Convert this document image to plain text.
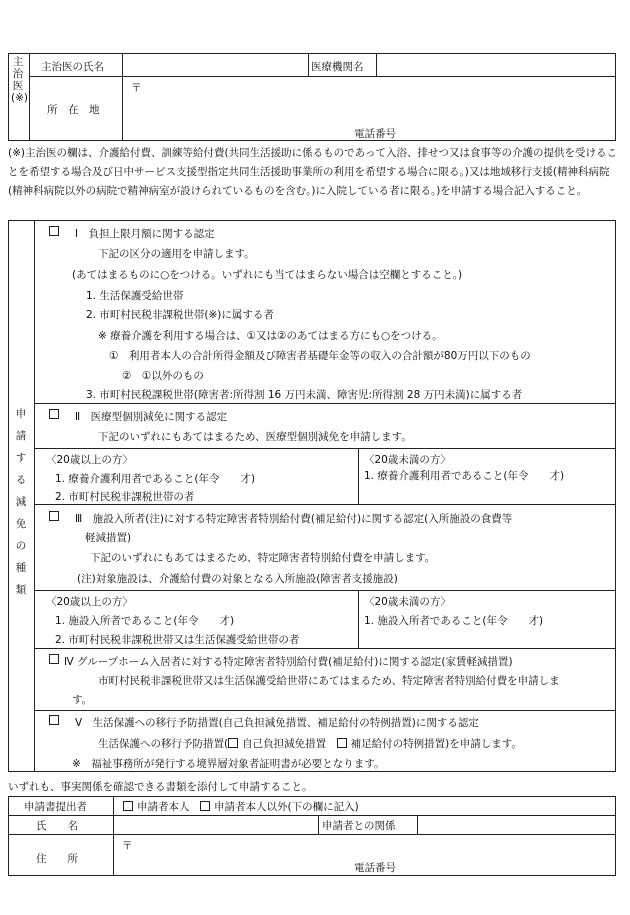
主治医(※)
主治医の氏名	医療機関名
所　在　地
〒
電話番号
(※)主治医の欄は、介護給付費、訓練等給付費(共同生活援助に係るものであって入浴、排せつ又は食事等の介護の提供を受けることを希望する場合及び日中サービス支援型指定共同生活援助事業所の利用を希望する場合に限る。)又は地域移行支援(精神科病院(精神科病院以外の病院で精神病室が設けられているものを含む。)に入院している者に限る。)を申請する場合記入すること。
申請する減免の種類
Ⅰ　負担上限月額に関する認定
下記の区分の適用を申請します。
(あてはまるものに○をつける。いずれにも当てはまらない場合は空欄とすること。)
1. 生活保護受給世帯
2. 市町村民税非課税世帯(※)に属する者
※ 療養介護を利用する場合は、①又は②のあてはまる方にも○をつける。
①　利用者本人の合計所得金額及び障害者基礎年金等の収入の合計額が80万円以下のもの
②　①以外のもの
3. 市町村民税課税世帯(障害者:所得割 16 万円未満、障害児:所得割 28 万円未満)に属する者
Ⅱ　医療型個別減免に関する認定
下記のいずれにもあてはまるため、医療型個別減免を申請します。
〈20歳以上の方〉
1. 療養介護利用者であること(年令　　才)
2. 市町村民税非課税世帯の者
〈20歳未満の方〉
1. 療養介護利用者であること(年令　　才)
Ⅲ　施設入所者(注)に対する特定障害者特別給付費(補足給付)に関する認定(入所施設の食費等
軽減措置)
下記のいずれにもあてはまるため、特定障害者特別給付費を申請します。
(注)対象施設は、介護給付費の対象となる入所施設(障害者支援施設)
〈20歳以上の方〉
1. 施設入所者であること(年令　　才)
2. 市町村民税非課税世帯又は生活保護受給世帯の者
〈20歳未満の方〉
1. 施設入所者であること(年令　　才)
Ⅳ グループホーム入居者に対する特定障害者特別給付費(補足給付)に関する認定(家賃軽減措置)
市町村民税非課税世帯又は生活保護受給世帯にあてはまるため、特定障害者特別給付費を申請しま
す。
Ⅴ　生活保護への移行予防措置(自己負担減免措置、補足給付の特例措置)に関する認定
生活保護への移行予防措置( 自己負担減免措置　 補足給付の特例措置)を申請します。
※　福祉事務所が発行する境界層対象者証明書が必要となります。
いずれも、事実関係を確認できる書類を添付して申請すること。
申請書提出者	申請者本人　 申請者本人以外(下の欄に記入)
氏　　名	申請者との関係
住　　所
〒
電話番号
